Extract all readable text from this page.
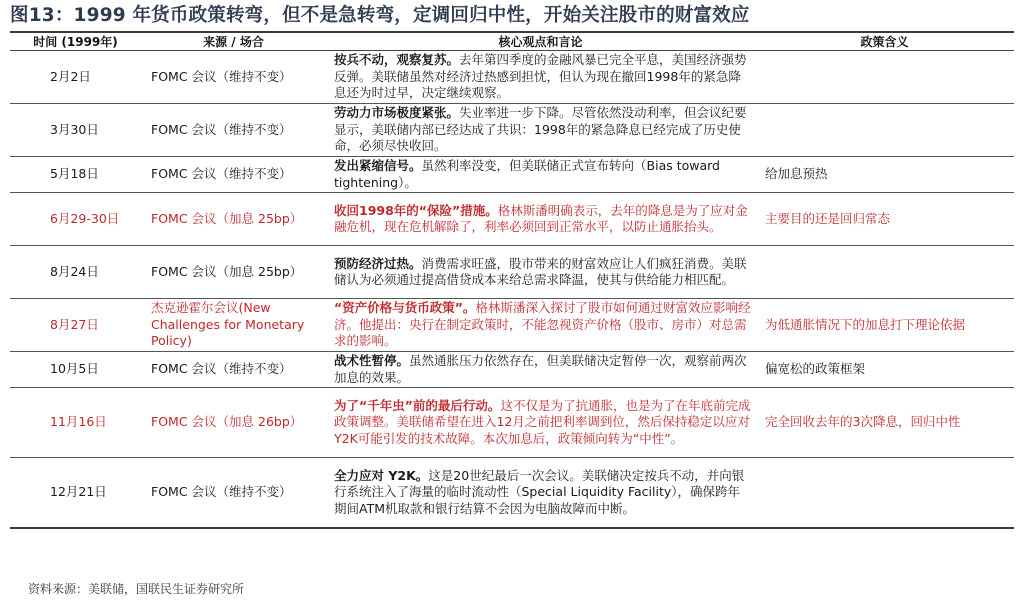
图13：1999 年货币政策转弯，但不是急转弯，定调回归中性，开始关注股市的财富效应
时间 (1999年)	来源 / 场合	核心观点和言论	政策含义
2月2日	FOMC 会议（维持不变）	按兵不动，观察复苏。去年第四季度的金融风暴已完全平息，美国经济强势反弹。美联储虽然对经济过热感到担忧，但认为现在撤回1998年的紧急降息还为时过早，决定继续观察。	
3月30日	FOMC 会议（维持不变）	劳动力市场极度紧张。失业率进一步下降。尽管依然没动利率，但会议纪要显示，美联储内部已经达成了共识：1998年的紧急降息已经完成了历史使命，必须尽快收回。	
5月18日	FOMC 会议（维持不变）	发出紧缩信号。虽然利率没变，但美联储正式宣布转向（Bias toward tightening）。	给加息预热
6月29-30日	FOMC 会议（加息 25bp）	收回1998年的“保险”措施。格林斯潘明确表示，去年的降息是为了应对金融危机，现在危机解除了，利率必须回到正常水平，以防止通胀抬头。	主要目的还是回归常态
8月24日	FOMC 会议（加息 25bp）	预防经济过热。消费需求旺盛，股市带来的财富效应让人们疯狂消费。美联储认为必须通过提高借贷成本来给总需求降温，使其与供给能力相匹配。	
8月27日	杰克逊霍尔会议(New Challenges for Monetary Policy)	“资产价格与货币政策”。格林斯潘深入探讨了股市如何通过财富效应影响经济。他提出：央行在制定政策时，不能忽视资产价格（股市、房市）对总需求的影响。	为低通胀情况下的加息打下理论依据
10月5日	FOMC 会议（维持不变）	战术性暂停。虽然通胀压力依然存在，但美联储决定暂停一次，观察前两次加息的效果。	偏宽松的政策框架
11月16日	FOMC 会议（加息 26bp）	为了“千年虫”前的最后行动。这不仅是为了抗通胀，也是为了在年底前完成政策调整。美联储希望在进入12月之前把利率调到位，然后保持稳定以应对Y2K可能引发的技术故障。本次加息后，政策倾向转为“中性”。	完全回收去年的3次降息，回归中性
12月21日	FOMC 会议（维持不变）	全力应对 Y2K。这是20世纪最后一次会议。美联储决定按兵不动，并向银行系统注入了海量的临时流动性（Special Liquidity Facility），确保跨年期间ATM机取款和银行结算不会因为电脑故障而中断。	
资料来源：美联储，国联民生证券研究所
